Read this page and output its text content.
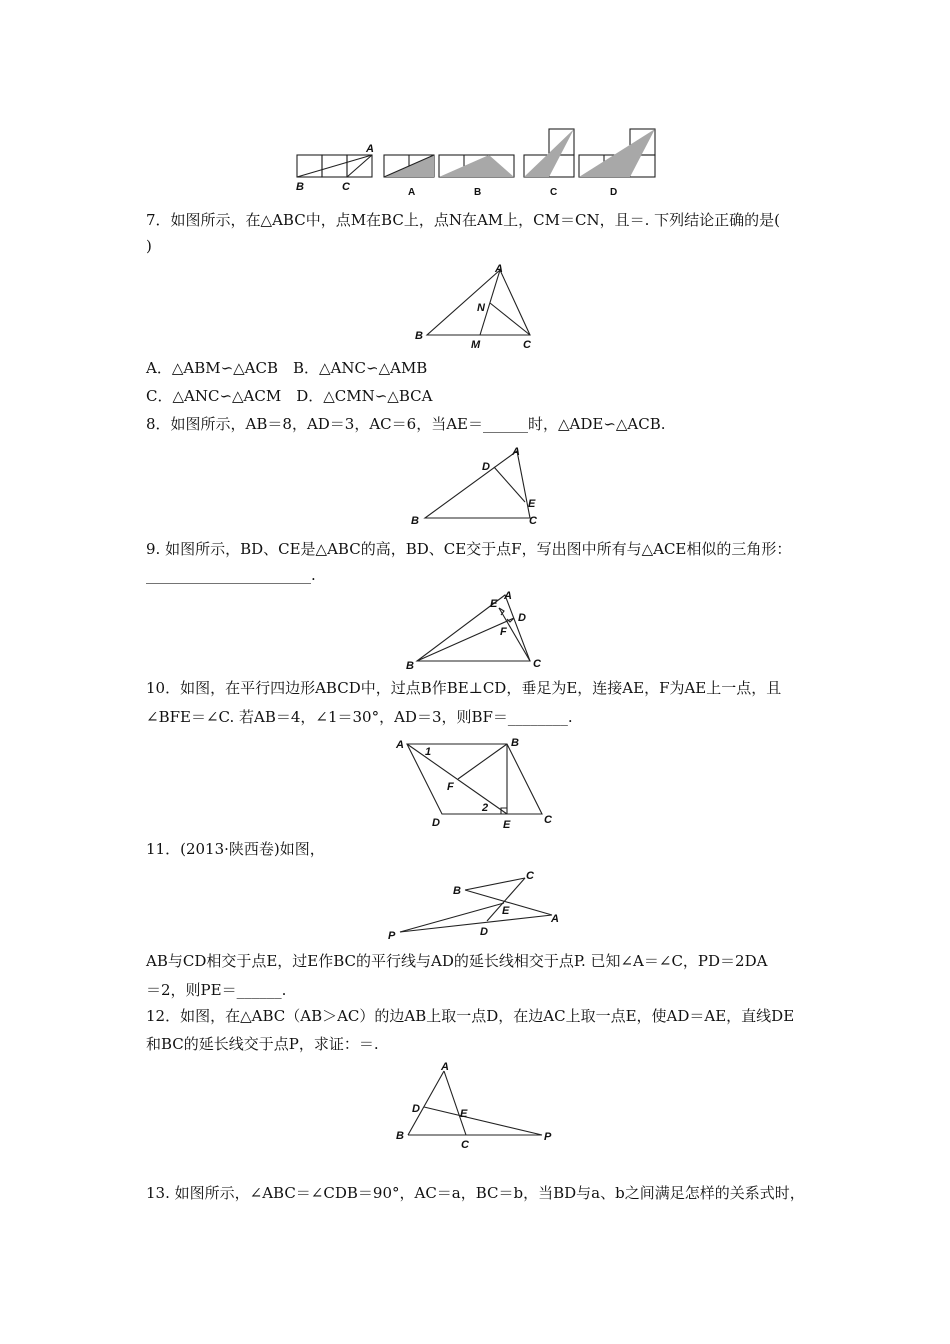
B	C
A
A	B	C	D
7．如图所示，在△ABC中，点M在BC上，点N在AM上，CM＝CN，且＝. 下列结论正确的是(
)
A
N
B
M	C
A．△ABM∽△ACB　B．△ANC∽△AMB
C．△ANC∽△ACM　D．△CMN∽△BCA
8．如图所示，AB＝8，AD＝3，AC＝6，当AE＝______时，△ADE∽△ACB.
A
D
E
B	C
9. 如图所示，BD、CE是△ABC的高，BD、CE交于点F，写出图中所有与△ACE相似的三角形：
______________________.
A
E
D
F
B	C
10．如图，在平行四边形ABCD中，过点B作BE⊥CD，垂足为E，连接AE，F为AE上一点，且
∠BFE＝∠C. 若AB＝4，∠1＝30°，AD＝3，则BF＝________.
A
1
B
F
2
D	E	C
11．(2013·陕西卷)如图，
B
C
E
A
P	D
AB与CD相交于点E，过E作BC的平行线与AD的延长线相交于点P. 已知∠A＝∠C，PD＝2DA
＝2，则PE＝______.
12．如图，在△ABC（AB＞AC）的边AB上取一点D，在边AC上取一点E，使AD＝AE，直线DE
和BC的延长线交于点P，求证：＝.
A
D	E
B
C
P
13. 如图所示，∠ABC＝∠CDB＝90°，AC＝a，BC＝b，当BD与a、b之间满足怎样的关系式时，
